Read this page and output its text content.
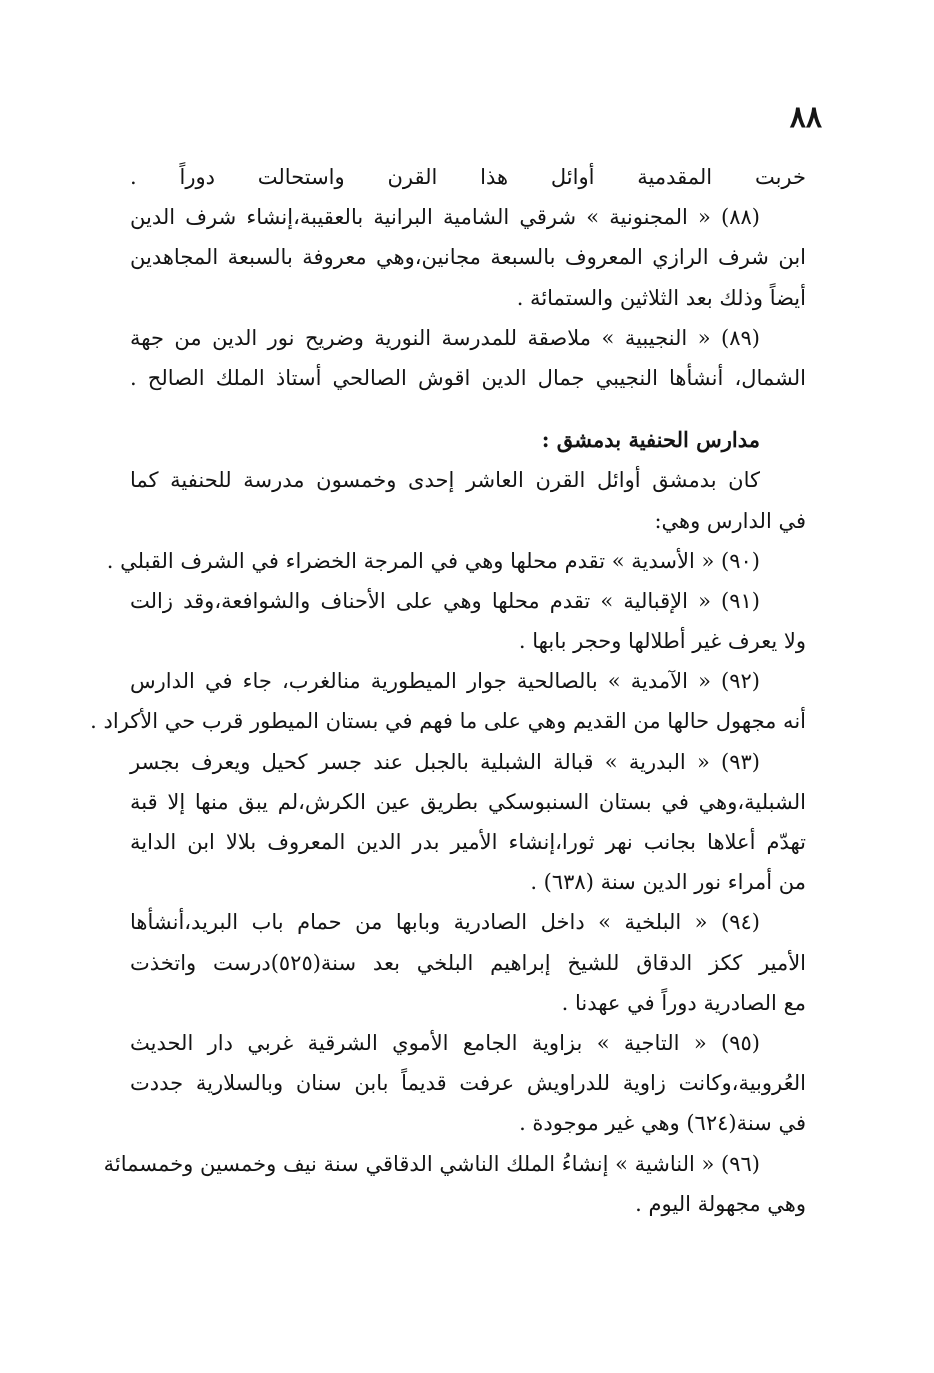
٨٨
خربت المقدمية أوائل هذا القرن واستحالت دوراً .
(٨٨) « المجنونية » شرقي الشامية البرانية بالعقيبة،إنشاء شرف الدين
ابن شرف الرازي المعروف بالسبعة مجانين،وهي معروفة بالسبعة المجاهدين
أيضاً وذلك بعد الثلاثين والستمائة .
(٨٩) « النجيبية » ملاصقة للمدرسة النورية وضريح نور الدين من جهة
الشمال، أنشأها النجيبي جمال الدين اقوش الصالحي أستاذ الملك الصالح .
مدارس الحنفية بدمشق :
كان بدمشق أوائل القرن العاشر إحدى وخمسون مدرسة للحنفية كما
في الدارس وهي:
(٩٠) « الأسدية » تقدم محلها وهي في المرجة الخضراء في الشرف القبلي .
(٩١) « الإقبالية » تقدم محلها وهي على الأحناف والشوافعة،وقد زالت
ولا يعرف غير أطلالها وحجر بابها .
(٩٢) « الآمدية » بالصالحية جوار الميطورية منالغرب، جاء في الدارس
أنه مجهول حالها من القديم وهي على ما فهم في بستان الميطور قرب حي الأكراد .
(٩٣) « البدرية » قبالة الشبلية بالجبل عند جسر كحيل ويعرف بجسر
الشبلية،وهي في بستان السنبوسكي بطريق عين الكرش،لم يبق منها إلا قبة
تهدّم أعلاها بجانب نهر ثورا،إنشاء الأمير بدر الدين المعروف بلالا ابن الداية
من أمراء نور الدين سنة (٦٣٨) .
(٩٤) « البلخية » داخل الصادرية وبابها من حمام باب البريد،أنشأها
الأمير ككز الدقاق للشيخ إبراهيم البلخي بعد سنة(٥٢٥)درست واتخذت
مع الصادرية دوراً في عهدنا .
(٩٥) « التاجية » بزاوية الجامع الأموي الشرقية غربي دار الحديث
العُروبية،وكانت زاوية للدراويش عرفت قديماً بابن سنان وبالسلارية جددت
في سنة(٦٢٤) وهي غير موجودة .
(٩٦) « الناشية » إنشاءُ الملك الناشي الدقاقي سنة نيف وخمسين وخمسمائة
وهي مجهولة اليوم .
